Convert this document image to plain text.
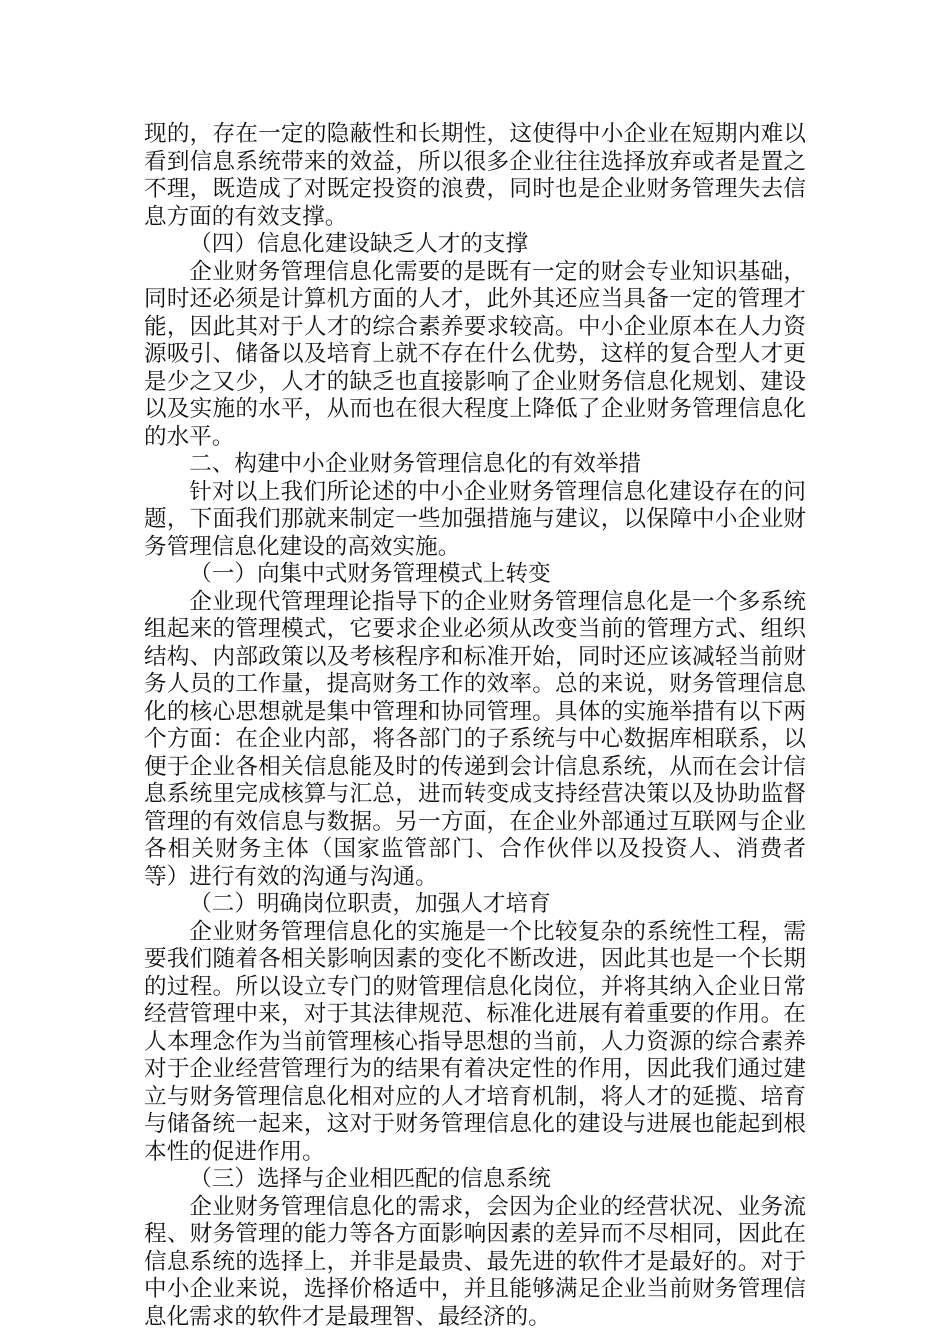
现的，存在一定的隐蔽性和长期性，这使得中小企业在短期内难以看到信息系统带来的效益，所以很多企业往往选择放弃或者是置之不理，既造成了对既定投资的浪费，同时也是企业财务管理失去信息方面的有效支撑。

（四）信息化建设缺乏人才的支撑

企业财务管理信息化需要的是既有一定的财会专业知识基础，同时还必须是计算机方面的人才，此外其还应当具备一定的管理才能，因此其对于人才的综合素养要求较高。中小企业原本在人力资源吸引、储备以及培育上就不存在什么优势，这样的复合型人才更是少之又少，人才的缺乏也直接影响了企业财务信息化规划、建设以及实施的水平，从而也在很大程度上降低了企业财务管理信息化的水平。

二、构建中小企业财务管理信息化的有效举措

针对以上我们所论述的中小企业财务管理信息化建设存在的问题，下面我们那就来制定一些加强措施与建议，以保障中小企业财务管理信息化建设的高效实施。

（一）向集中式财务管理模式上转变

企业现代管理理论指导下的企业财务管理信息化是一个多系统组起来的管理模式，它要求企业必须从改变当前的管理方式、组织结构、内部政策以及考核程序和标准开始，同时还应该减轻当前财务人员的工作量，提高财务工作的效率。总的来说，财务管理信息化的核心思想就是集中管理和协同管理。具体的实施举措有以下两个方面：在企业内部，将各部门的子系统与中心数据库相联系，以便于企业各相关信息能及时的传递到会计信息系统，从而在会计信息系统里完成核算与汇总，进而转变成支持经营决策以及协助监督管理的有效信息与数据。另一方面，在企业外部通过互联网与企业各相关财务主体（国家监管部门、合作伙伴以及投资人、消费者等）进行有效的沟通与沟通。

（二）明确岗位职责，加强人才培育

企业财务管理信息化的实施是一个比较复杂的系统性工程，需要我们随着各相关影响因素的变化不断改进，因此其也是一个长期的过程。所以设立专门的财管理信息化岗位，并将其纳入企业日常经营管理中来，对于其法律规范、标准化进展有着重要的作用。在人本理念作为当前管理核心指导思想的当前，人力资源的综合素养对于企业经营管理行为的结果有着决定性的作用，因此我们通过建立与财务管理信息化相对应的人才培育机制，将人才的延揽、培育与储备统一起来，这对于财务管理信息化的建设与进展也能起到根本性的促进作用。

（三）选择与企业相匹配的信息系统

企业财务管理信息化的需求，会因为企业的经营状况、业务流程、财务管理的能力等各方面影响因素的差异而不尽相同，因此在信息系统的选择上，并非是最贵、最先进的软件才是最好的。对于中小企业来说，选择价格适中，并且能够满足企业当前财务管理信息化需求的软件才是最理智、最经济的。
